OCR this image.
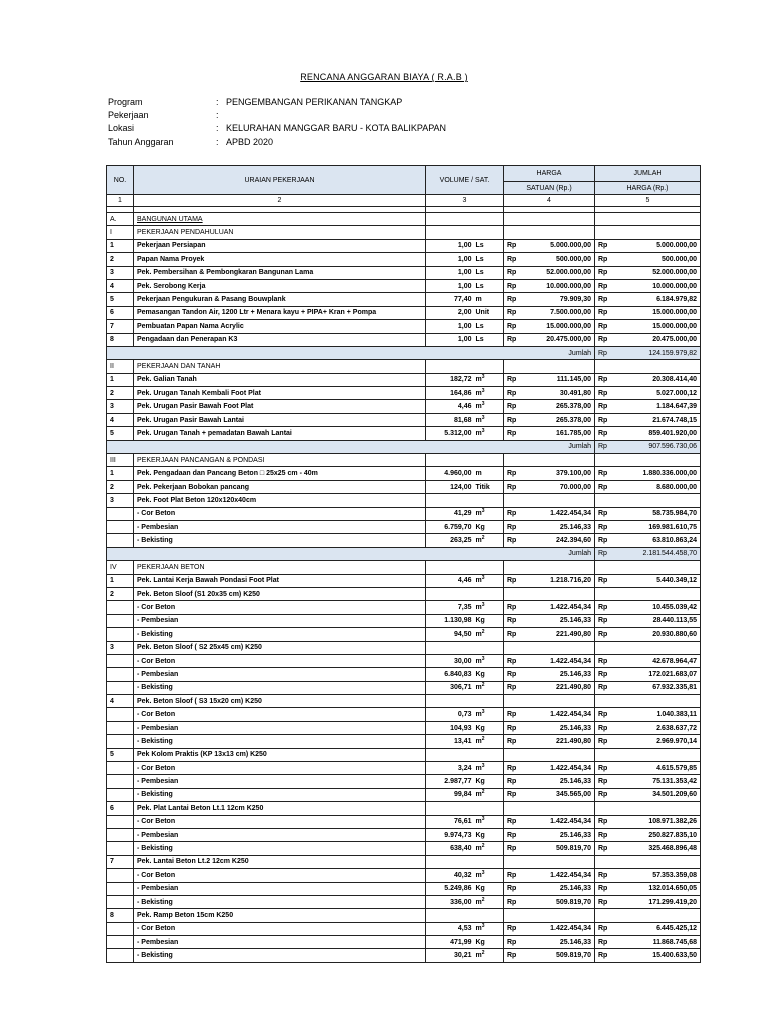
RENCANA ANGGARAN BIAYA ( R.A.B )
Program	: PENGEMBANGAN PERIKANAN TANGKAP
Pekerjaan	:
Lokasi	: KELURAHAN MANGGAR BARU - KOTA BALIKPAPAN
Tahun Anggaran	: APBD 2020
NO.	URAIAN PEKERJAAN	VOLUME / SAT.		HARGA		JUMLAH	
				SATUAN (Rp.)		HARGA (Rp.)	
1	2	3		4		5	

A.	BANGUNAN UTAMA						
I	PEKERJAAN PENDAHULUAN						
1	Pekerjaan Persiapan	1,00	Ls	Rp	5.000.000,00	Rp	5.000.000,00
2	Papan Nama Proyek	1,00	Ls	Rp	500.000,00	Rp	500.000,00
3	Pek. Pembersihan & Pembongkaran Bangunan Lama	1,00	Ls	Rp	52.000.000,00	Rp	52.000.000,00
4	Pek. Serobong Kerja	1,00	Ls	Rp	10.000.000,00	Rp	10.000.000,00
5	Pekerjaan Pengukuran & Pasang Bouwplank	77,40	m	Rp	79.909,30	Rp	6.184.979,82
6	Pemasangan Tandon Air, 1200 Ltr + Menara kayu + PIPA+ Kran + Pompa	2,00	Unit	Rp	7.500.000,00	Rp	15.000.000,00
7	Pembuatan Papan Nama Acrylic	1,00	Ls	Rp	15.000.000,00	Rp	15.000.000,00
8	Pengadaan dan Penerapan K3	1,00	Ls	Rp	20.475.000,00	Rp	20.475.000,00
Jumlah						Rp	124.159.979,82
II	PEKERJAAN DAN TANAH						
1	Pek. Galian Tanah	182,72	$m^3$	Rp	111.145,00	Rp	20.308.414,40
2	Pek. Urugan Tanah Kembali Foot Plat	164,86	$m^3$	Rp	30.491,80	Rp	5.027.000,12
3	Pek. Urugan Pasir Bawah Foot Plat	4,46	$m^3$	Rp	265.378,00	Rp	1.184.647,39
4	Pek. Urugan Pasir Bawah Lantai	81,68	$m^3$	Rp	265.378,00	Rp	21.674.748,15
5	Pek. Urugan Tanah + pemadatan Bawah Lantai	5.312,00	$m^3$	Rp	161.785,00	Rp	859.401.920,00
Jumlah						Rp	907.596.730,06
III	PEKERJAAN PANCANGAN & PONDASI						
1	Pek. Pengadaan dan Pancang Beton □ 25x25 cm - 40m	4.960,00	m	Rp	379.100,00	Rp	1.880.336.000,00
2	Pek. Pekerjaan Bobokan pancang	124,00	Titik	Rp	70.000,00	Rp	8.680.000,00
3	Pek. Foot Plat Beton 120x120x40cm						
	- Cor Beton	41,29	$m^3$	Rp	1.422.454,34	Rp	58.735.984,70
	- Pembesian	6.759,70	Kg	Rp	25.146,33	Rp	169.981.610,75
	- Bekisting	263,25	$m^2$	Rp	242.394,60	Rp	63.810.863,24
Jumlah						Rp	2.181.544.458,70
IV	PEKERJAAN BETON						
1	Pek. Lantai Kerja Bawah Pondasi Foot Plat	4,46	$m^3$	Rp	1.218.716,20	Rp	5.440.349,12
2	Pek. Beton Sloof (S1 20x35 cm) K250						
	- Cor Beton	7,35	$m^3$	Rp	1.422.454,34	Rp	10.455.039,42
	- Pembesian	1.130,98	Kg	Rp	25.146,33	Rp	28.440.113,55
	- Bekisting	94,50	$m^2$	Rp	221.490,80	Rp	20.930.880,60
3	Pek. Beton Sloof ( S2 25x45 cm) K250						
	- Cor Beton	30,00	$m^3$	Rp	1.422.454,34	Rp	42.678.964,47
	- Pembesian	6.840,83	Kg	Rp	25.146,33	Rp	172.021.683,07
	- Bekisting	306,71	$m^2$	Rp	221.490,80	Rp	67.932.335,81
4	Pek. Beton Sloof ( S3 15x20 cm) K250						
	- Cor Beton	0,73	$m^3$	Rp	1.422.454,34	Rp	1.040.383,11
	- Pembesian	104,93	Kg	Rp	25.146,33	Rp	2.638.637,72
	- Bekisting	13,41	$m^2$	Rp	221.490,80	Rp	2.969.970,14
5	Pek Kolom Praktis (KP 13x13 cm) K250						
	- Cor Beton	3,24	$m^3$	Rp	1.422.454,34	Rp	4.615.579,85
	- Pembesian	2.987,77	Kg	Rp	25.146,33	Rp	75.131.353,42
	- Bekisting	99,84	$m^2$	Rp	345.565,00	Rp	34.501.209,60
6	Pek. Plat Lantai Beton Lt.1 12cm K250						
	- Cor Beton	76,61	$m^3$	Rp	1.422.454,34	Rp	108.971.382,26
	- Pembesian	9.974,73	Kg	Rp	25.146,33	Rp	250.827.835,10
	- Bekisting	638,40	$m^2$	Rp	509.819,70	Rp	325.468.896,48
7	Pek. Lantai Beton Lt.2 12cm K250						
	- Cor Beton	40,32	$m^3$	Rp	1.422.454,34	Rp	57.353.359,08
	- Pembesian	5.249,86	Kg	Rp	25.146,33	Rp	132.014.650,05
	- Bekisting	336,00	$m^2$	Rp	509.819,70	Rp	171.299.419,20
8	Pek. Ramp Beton 15cm K250						
	- Cor Beton	4,53	$m^3$	Rp	1.422.454,34	Rp	6.445.425,12
	- Pembesian	471,99	Kg	Rp	25.146,33	Rp	11.868.745,68
	- Bekisting	30,21	$m^2$	Rp	509.819,70	Rp	15.400.633,50
